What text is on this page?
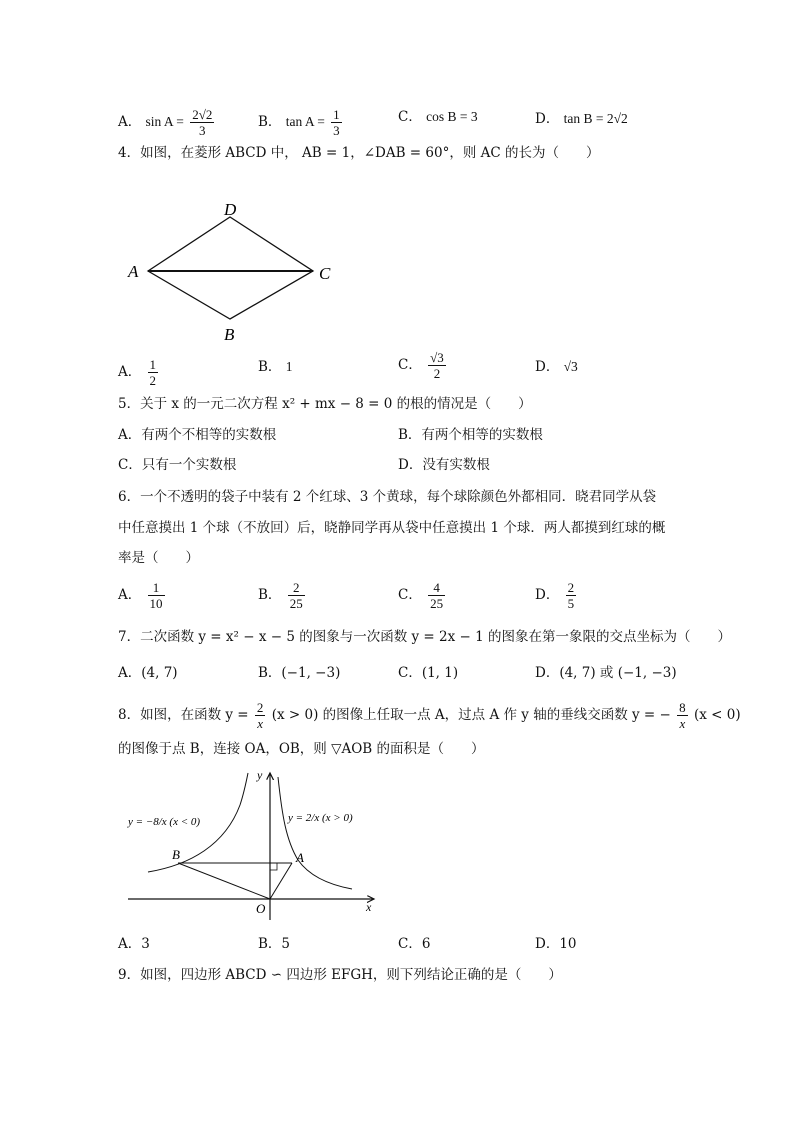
A． $\sin A = \frac{2√2}{3}$	B． $\tan A = \frac{1}{3}$	C． cos B = 3	D． tan B = 2√2
4．如图，在菱形 ABCD 中， AB = 1，∠DAB = 60°，则 AC 的长为（　　）
D
A	C
B
A． $\frac{1}{2}$	B． 1	C． $\frac{√3}{2}$	D． √3
5．关于 x 的一元二次方程 x² + mx − 8 = 0 的根的情况是（　　）
A．有两个不相等的实数根	B．有两个相等的实数根
C．只有一个实数根	D．没有实数根
6．一个不透明的袋子中装有 2 个红球、3 个黄球，每个球除颜色外都相同．晓君同学从袋
中任意摸出 1 个球（不放回）后，晓静同学再从袋中任意摸出 1 个球．两人都摸到红球的概
率是（　　）
A． $\frac{1}{10}$	B． $\frac{2}{25}$	C． $\frac{4}{25}$	D． $\frac{2}{5}$
7．二次函数 y = x² − x − 5 的图象与一次函数 y = 2x − 1 的图象在第一象限的交点坐标为（　　）
A．(4, 7)	B．(−1, −3)	C．(1, 1)	D．(4, 7) 或 (−1, −3)
8．如图，在函数 $y = \frac{2}{x} (x > 0)$ 的图像上任取一点 A，过点 A 作 y 轴的垂线交函数 y = − $\frac{8}{x} (x < 0)$
的图像于点 B，连接 OA，OB，则 ▽AOB 的面积是（　　）
B	A
O	x
y
y = −8/x (x < 0)	y = 2/x (x > 0)
A．3	B．5	C．6	D．10
9．如图，四边形 ABCD ∽ 四边形 EFGH，则下列结论正确的是（　　）
